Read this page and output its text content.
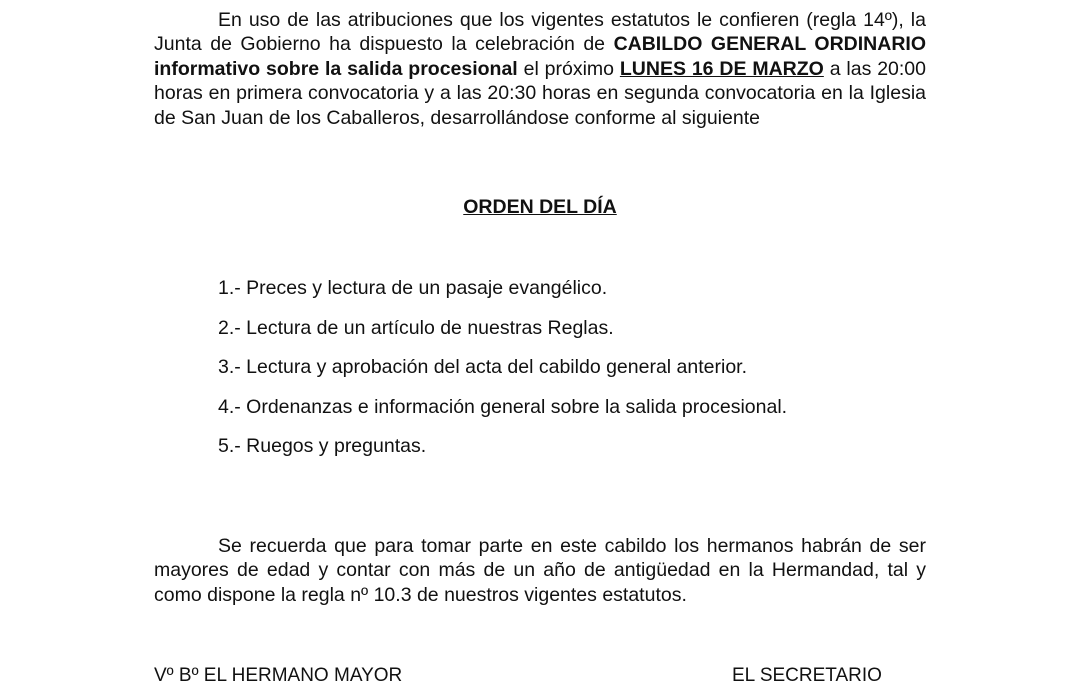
En uso de las atribuciones que los vigentes estatutos le confieren (regla 14º), la Junta de Gobierno ha dispuesto la celebración de CABILDO GENERAL ORDINARIO informativo sobre la salida procesional el próximo LUNES 16 DE MARZO a las 20:00 horas en primera convocatoria y a las 20:30 horas en segunda convocatoria en la Iglesia de San Juan de los Caballeros, desarrollándose conforme al siguiente

ORDEN DEL DÍA
1.- Preces y lectura de un pasaje evangélico.
2.- Lectura de un artículo de nuestras Reglas.
3.- Lectura y aprobación del acta del cabildo general anterior.
4.- Ordenanzas e información general sobre la salida procesional.
5.- Ruegos y preguntas.

Se recuerda que para tomar parte en este cabildo los hermanos habrán de ser mayores de edad y contar con más de un año de antigüedad en la Hermandad, tal y como dispone la regla nº 10.3 de nuestros vigentes estatutos.

Vº Bº EL HERMANO MAYOR	EL SECRETARIO
